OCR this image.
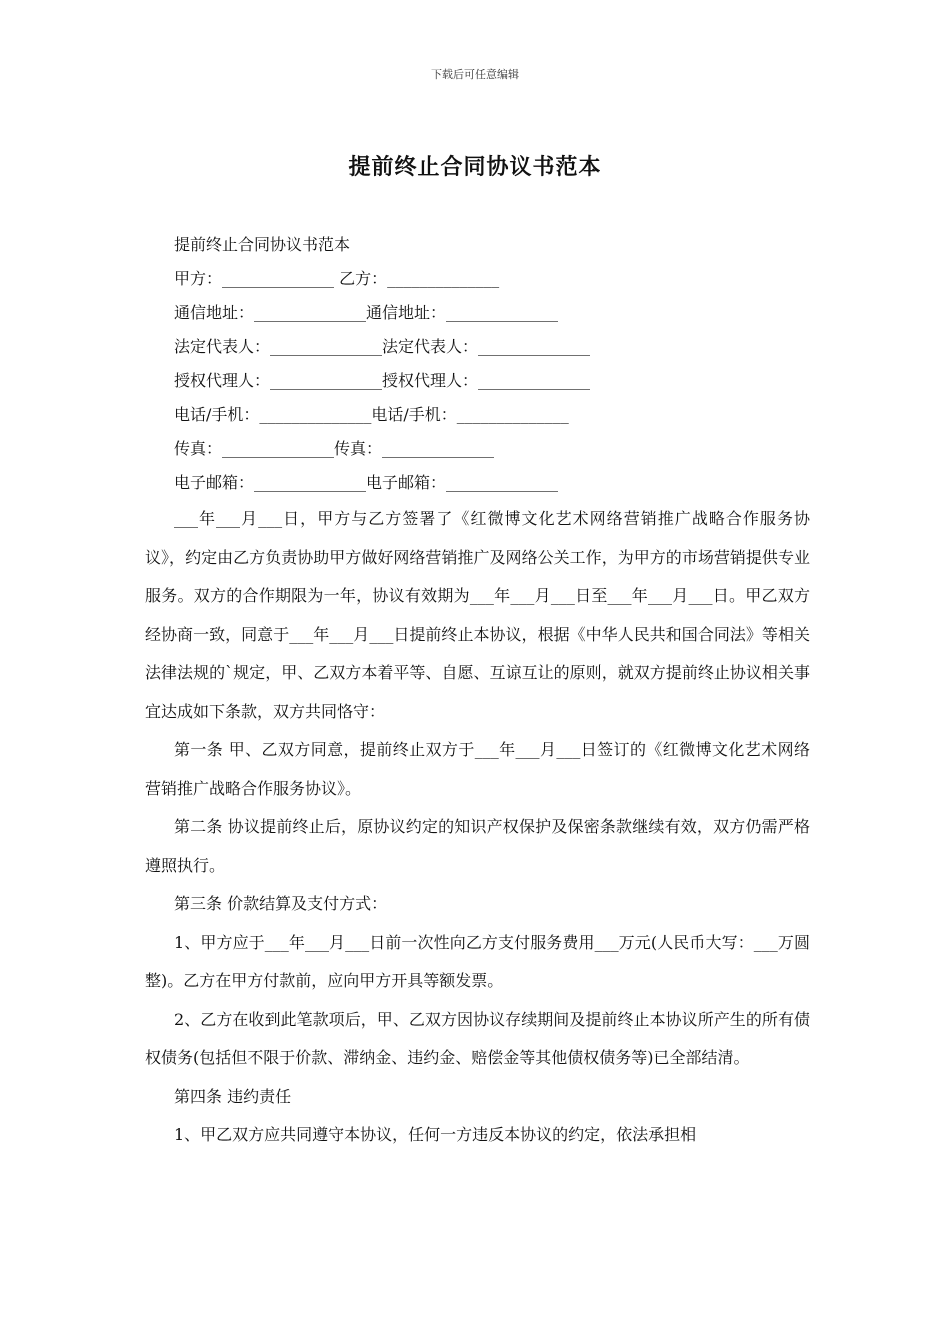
下载后可任意编辑
提前终止合同协议书范本
提前终止合同协议书范本
甲方：______________ 乙方：______________
通信地址：______________通信地址：______________
法定代表人：______________法定代表人：______________
授权代理人：______________授权代理人：______________
电话/手机：______________电话/手机：______________
传真：______________传真：______________
电子邮箱：______________电子邮箱：______________

___年___月___日，甲方与乙方签署了《红微博文化艺术网络营销推广战略合作服务协议》，约定由乙方负责协助甲方做好网络营销推广及网络公关工作，为甲方的市场营销提供专业服务。双方的合作期限为一年，协议有效期为___年___月___日至___年___月___日。甲乙双方经协商一致，同意于___年___月___日提前终止本协议，根据《中华人民共和国合同法》等相关法律法规的`规定，甲、乙双方本着平等、自愿、互谅互让的原则，就双方提前终止协议相关事宜达成如下条款，双方共同恪守：

第一条 甲、乙双方同意，提前终止双方于___年___月___日签订的《红微博文化艺术网络营销推广战略合作服务协议》。

第二条 协议提前终止后，原协议约定的知识产权保护及保密条款继续有效，双方仍需严格遵照执行。

第三条 价款结算及支付方式：

1、甲方应于___年___月___日前一次性向乙方支付服务费用___万元(人民币大写：___万圆整)。乙方在甲方付款前，应向甲方开具等额发票。

2、乙方在收到此笔款项后，甲、乙双方因协议存续期间及提前终止本协议所产生的所有债权债务(包括但不限于价款、滞纳金、违约金、赔偿金等其他债权债务等)已全部结清。

第四条 违约责任

1、甲乙双方应共同遵守本协议，任何一方违反本协议的约定，依法承担相
